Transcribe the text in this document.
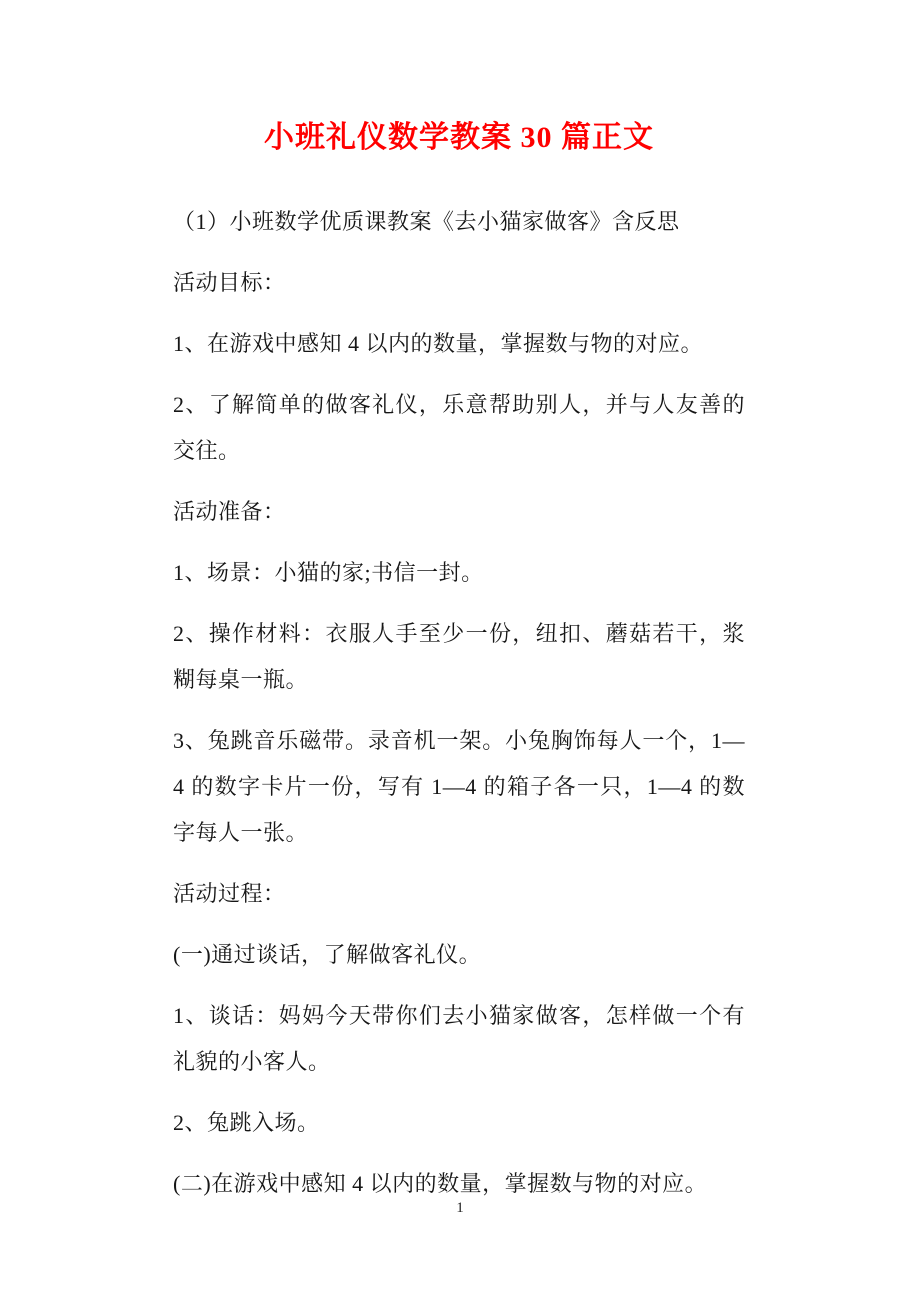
小班礼仪数学教案 30 篇正文

（1）小班数学优质课教案《去小猫家做客》含反思

活动目标：

1、在游戏中感知 4 以内的数量，掌握数与物的对应。

2、了解简单的做客礼仪，乐意帮助别人，并与人友善的交往。

活动准备：

1、场景：小猫的家;书信一封。

2、操作材料：衣服人手至少一份，纽扣、蘑菇若干，浆糊每桌一瓶。

3、兔跳音乐磁带。录音机一架。小兔胸饰每人一个，1—4 的数字卡片一份，写有 1—4 的箱子各一只，1—4 的数字每人一张。

活动过程：

(一)通过谈话，了解做客礼仪。

1、谈话：妈妈今天带你们去小猫家做客，怎样做一个有礼貌的小客人。

2、兔跳入场。

(二)在游戏中感知 4 以内的数量，掌握数与物的对应。

1
